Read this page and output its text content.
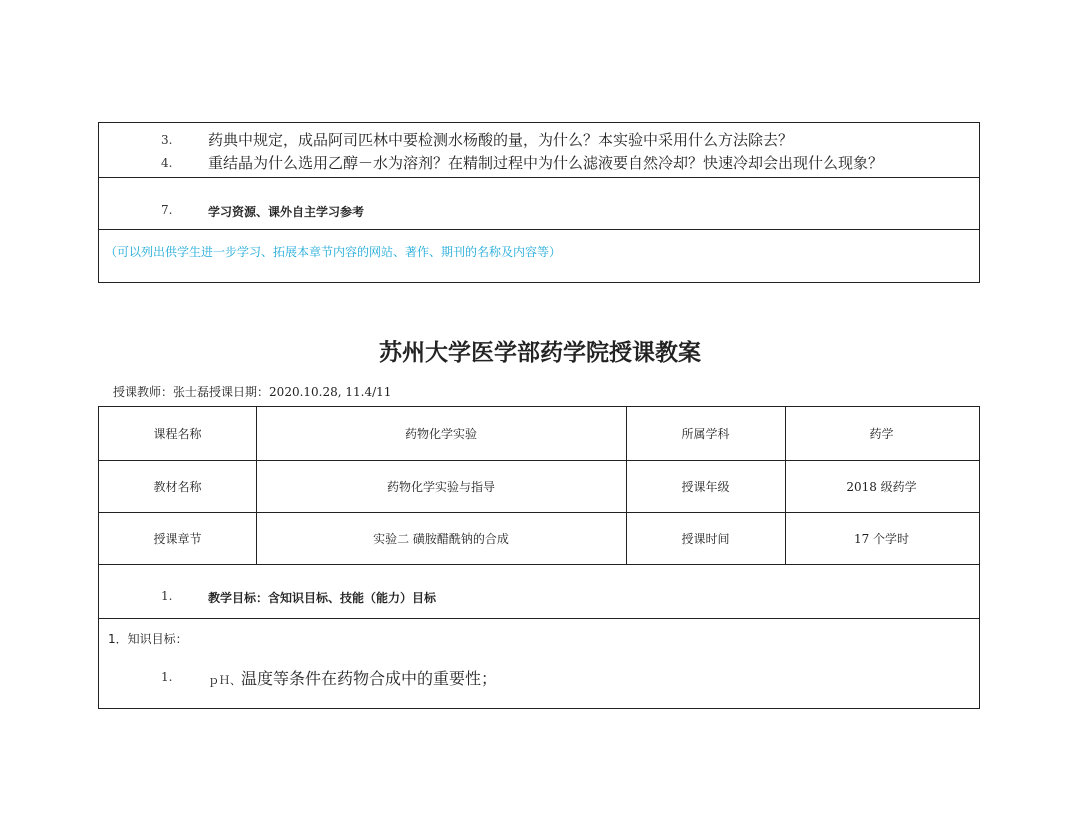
3. 药典中规定，成品阿司匹林中要检测水杨酸的量，为什么？本实验中采用什么方法除去？
4. 重结晶为什么选用乙醇－水为溶剂？在精制过程中为什么滤液要自然冷却？快速冷却会出现什么现象？
7.	学习资源、课外自主学习参考
（可以列出供学生进一步学习、拓展本章节内容的网站、著作、期刊的名称及内容等）
苏州大学医学部药学院授课教案
授课教师：张士磊授课日期：2020.10.28, 11.4/11
课程名称	药物化学实验	所属学科	药学
教材名称	药物化学实验与指导	授课年级	2018 级药学
授课章节	实验二 磺胺醋酰钠的合成	授课时间	17 个学时
1.	教学目标：含知识目标、技能（能力）目标
1．知识目标：
1.	ｐＨ、温度等条件在药物合成中的重要性；
